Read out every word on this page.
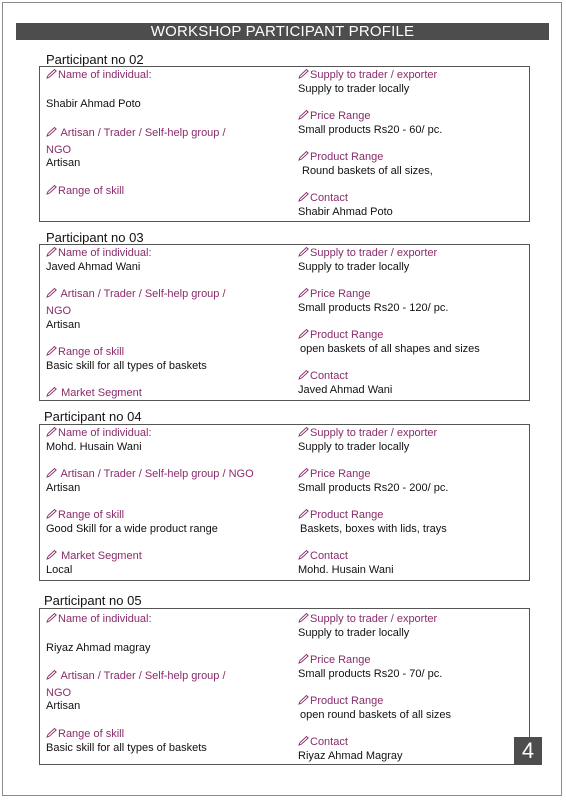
WORKSHOP PARTICIPANT PROFILE
Participant no 02
Name of individual:
Shabir Ahmad Poto
Artisan / Trader / Self-help group /
NGO
Artisan
Range of skill
Supply to trader / exporter
Supply to trader locally
Price Range
Small products Rs20 - 60/ pc.
Product Range
Round baskets of all sizes,
Contact
Shabir Ahmad Poto
Participant no 03
Name of individual:
Javed Ahmad Wani
Artisan / Trader / Self-help group /
NGO
Artisan
Range of skill
Basic skill for all types of baskets
Market Segment
Supply to trader / exporter
Supply to trader locally
Price Range
Small products Rs20 - 120/ pc.
Product Range
open baskets of all shapes and sizes
Contact
Javed Ahmad Wani
Participant no 04
Name of individual:
Mohd. Husain Wani
Artisan / Trader / Self-help group / NGO
Artisan
Range of skill
Good Skill for a wide product range
Market Segment
Local
Supply to trader / exporter
Supply to trader locally
Price Range
Small products Rs20 - 200/ pc.
Product Range
Baskets, boxes with lids, trays
Contact
Mohd. Husain Wani
Participant no 05
Name of individual:
Riyaz Ahmad magray
Artisan / Trader / Self-help group /
NGO
Artisan
Range of skill
Basic skill for all types of baskets
Supply to trader / exporter
Supply to trader locally
Price Range
Small products Rs20 - 70/ pc.
Product Range
open round baskets of all sizes
Contact
Riyaz Ahmad Magray	4
